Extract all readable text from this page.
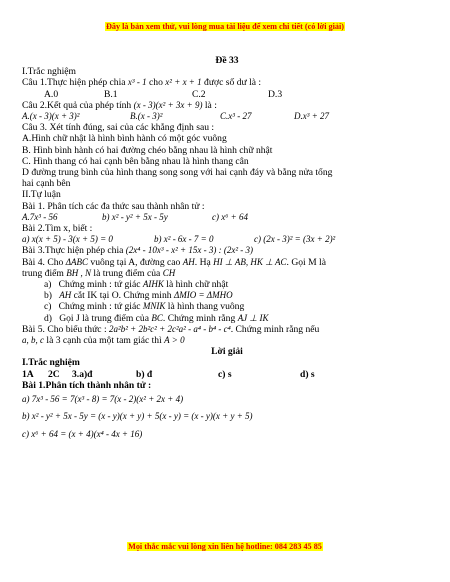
Đây là bản xem thử, vui lòng mua tài liệu để xem chi tiết (có lời giải)
Đề 33
I.Trắc nghiệm
Câu 1.Thực hiện phép chia x³ - 1 cho x² + x + 1 được số dư là :
A.0	B.1	C.2	D.3
Câu 2.Kết quả của phép tính (x - 3)(x² + 3x + 9) là :
A.(x - 3)(x + 3)²	B.(x - 3)²	C.x³ - 27	D.x³ + 27
Câu 3. Xét tính đúng, sai của các khẳng định sau :
A.Hình chữ nhật là hình bình hành có một góc vuông
B. Hình bình hành có hai đường chéo bằng nhau là hình chữ nhật
C. Hình thang có hai cạnh bên bằng nhau là hình thang cân
D đường trung bình của hình thang song song với hai cạnh đáy và bằng nửa tổng
hai cạnh bên
II.Tự luận
Bài 1. Phân tích các đa thức sau thành nhân tử :
A.7x³ - 56	b) x² - y² + 5x - 5y	c) x⁶ + 64
Bài 2.Tìm x, biết :
a) x(x + 5) - 3(x + 5) = 0	b) x² - 6x - 7 = 0	c) (2x - 3)² = (3x + 2)²
Bài 3.Thực hiện phép chia (2x⁴ - 10x³ - x² + 15x - 3) : (2x² - 3)
Bài 4. Cho ΔABC vuông tại A, đường cao AH. Hạ HI ⊥ AB, HK ⊥ AC. Gọi M là
trung điểm BH , N là trung điểm của CH
a) Chứng minh : tứ giác AIHK là hình chữ nhật
b) AH cắt IK tại O. Chứng minh ΔMIO = ΔMHO
c) Chứng minh : tứ giác MNIK là hình thang vuông
d) Gọi J là trung điểm của BC. Chứng minh rằng AJ ⊥ IK
Bài 5. Cho biểu thức : 2a²b² + 2b²c² + 2c²a² - a⁴ - b⁴ - c⁴. Chứng minh rằng nếu
a, b, c là 3 cạnh của một tam giác thì A > 0
Lời giải
I.Trắc nghiệm
1A	2C	3.a)đ	b) đ	c) s	d) s
Bài 1.Phân tích thành nhân tử :
a) 7x³ - 56 = 7(x³ - 8) = 7(x - 2)(x² + 2x + 4)
b) x² - y² + 5x - 5y = (x - y)(x + y) + 5(x - y) = (x - y)(x + y + 5)
c) x⁶ + 64 = (x + 4)(x⁴ - 4x + 16)
Mọi thắc mắc vui lòng xin liên hệ hotline: 084 283 45 85
